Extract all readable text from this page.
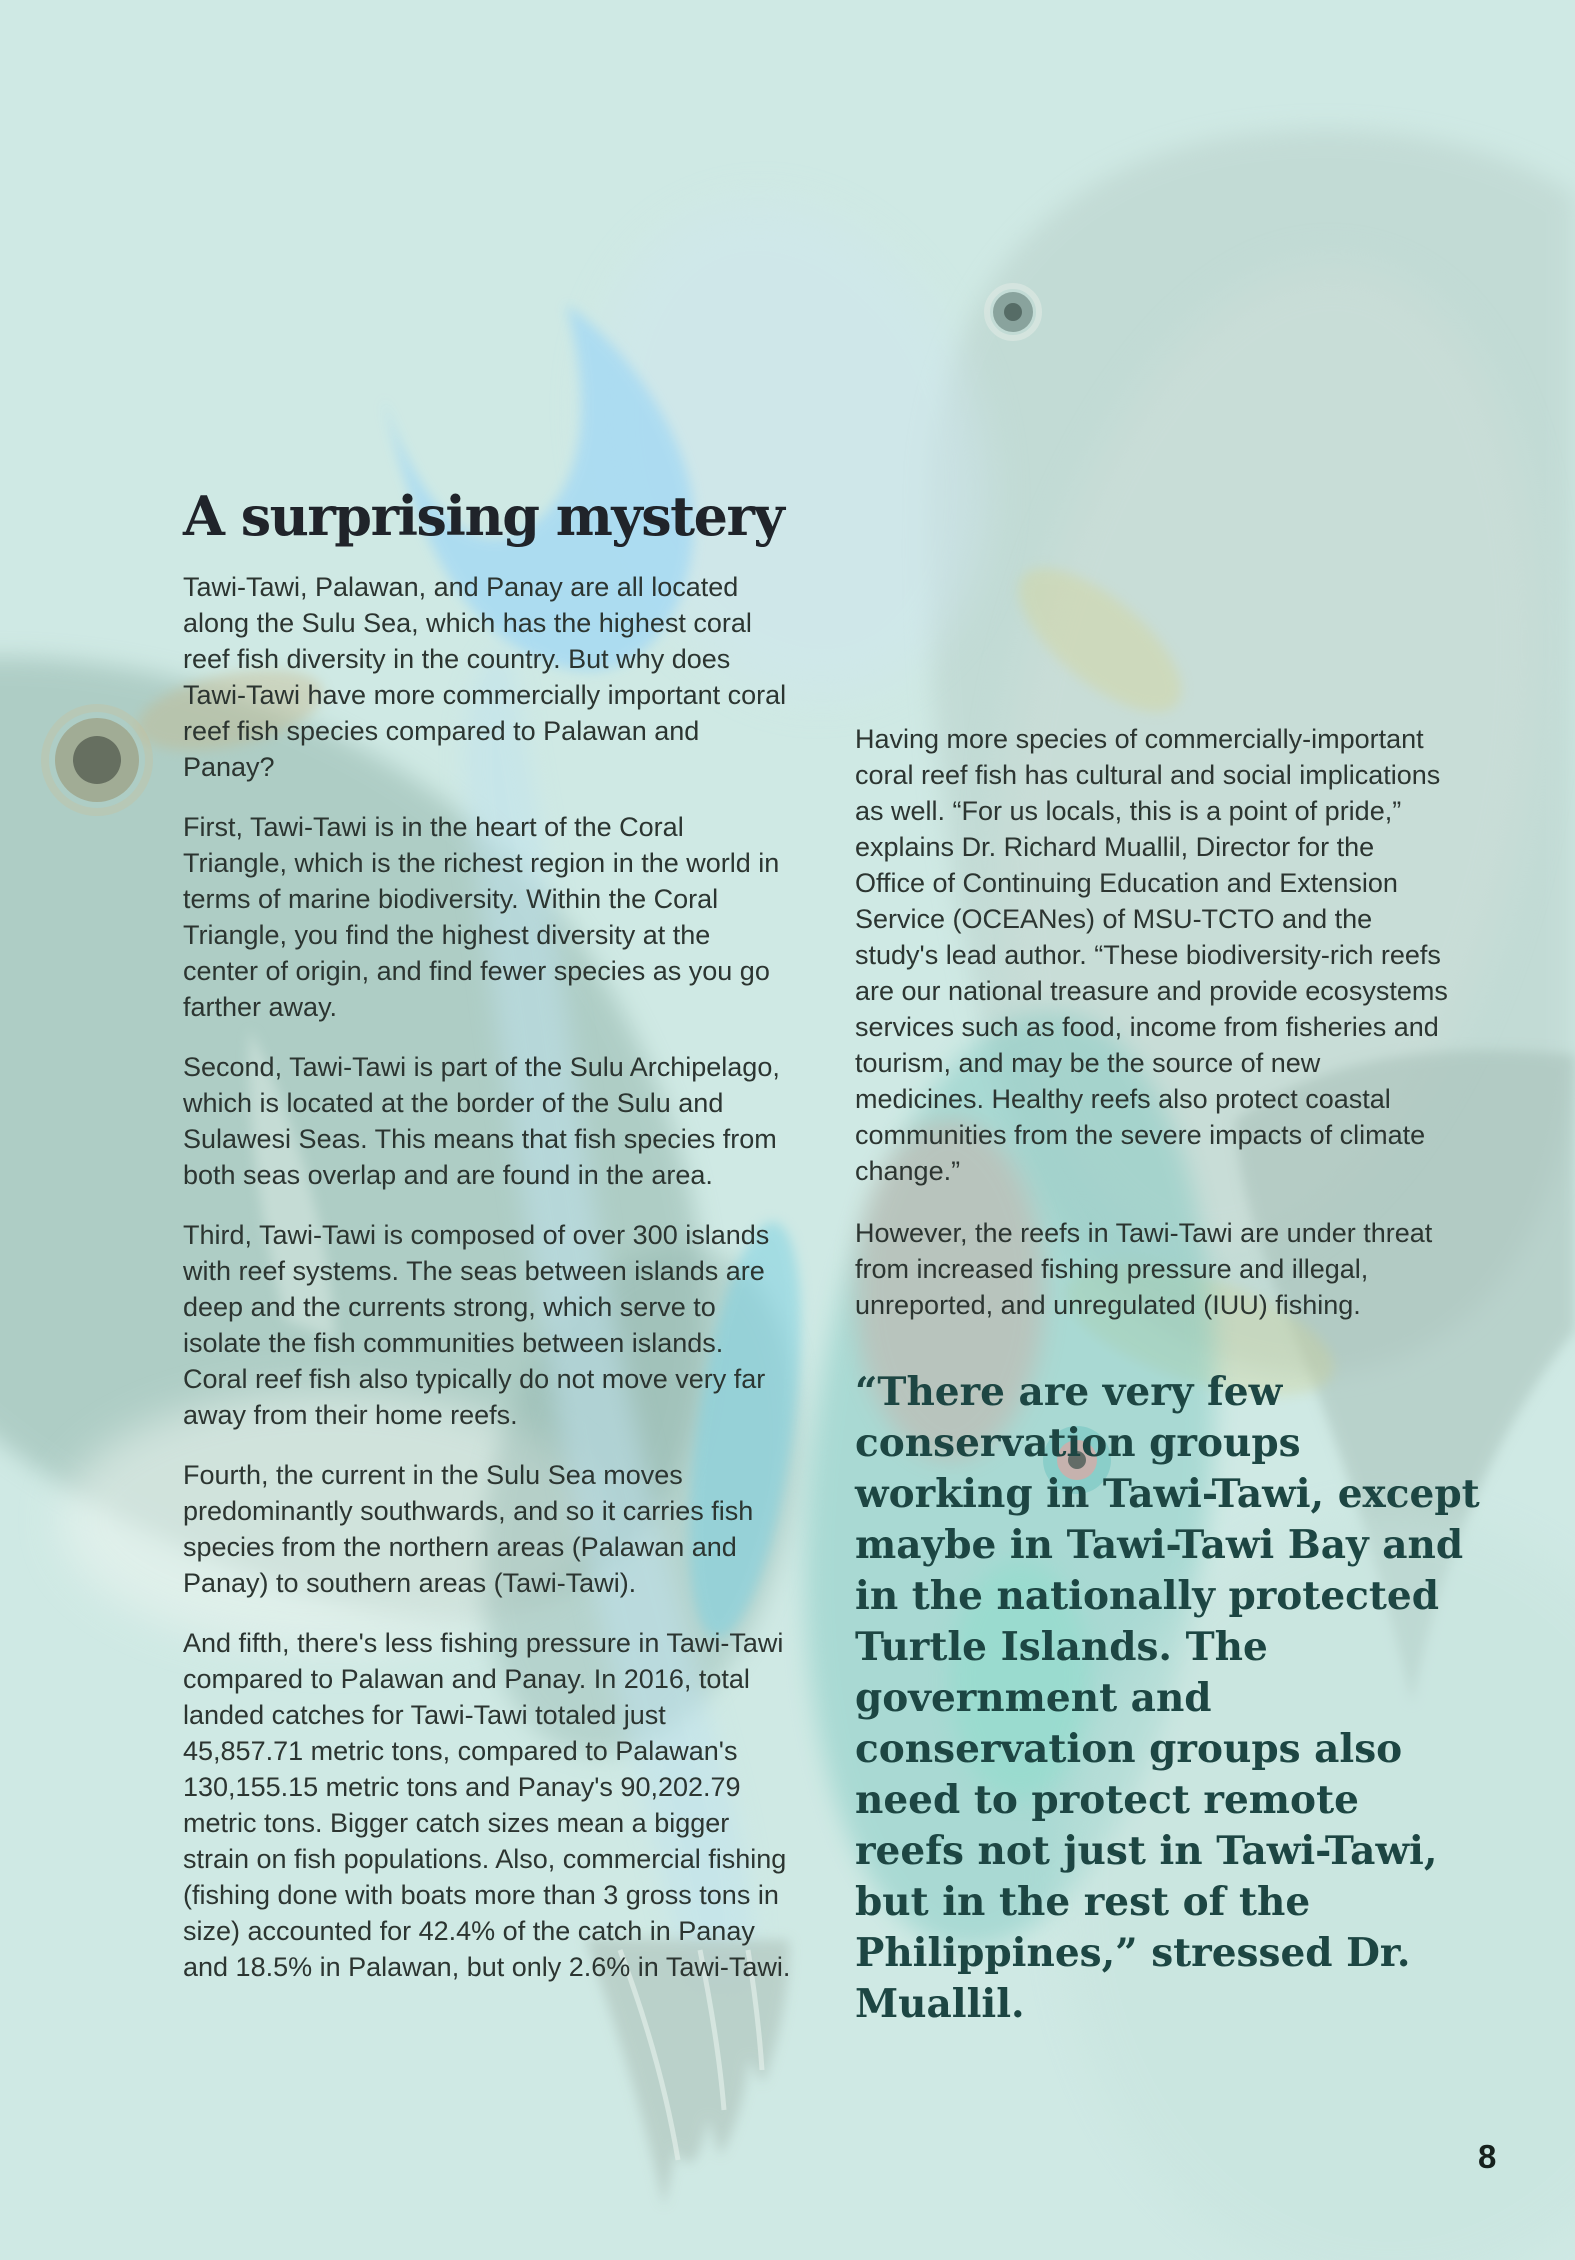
A surprising mystery

Tawi-Tawi, Palawan, and Panay are all located along the Sulu Sea, which has the highest coral reef fish diversity in the country. But why does Tawi-Tawi have more commercially important coral reef fish species compared to Palawan and Panay?

First, Tawi-Tawi is in the heart of the Coral Triangle, which is the richest region in the world in terms of marine biodiversity. Within the Coral Triangle, you find the highest diversity at the center of origin, and find fewer species as you go farther away.

Second, Tawi-Tawi is part of the Sulu Archipelago, which is located at the border of the Sulu and Sulawesi Seas. This means that fish species from both seas overlap and are found in the area.

Third, Tawi-Tawi is composed of over 300 islands with reef systems. The seas between islands are deep and the currents strong, which serve to isolate the fish communities between islands. Coral reef fish also typically do not move very far away from their home reefs.

Fourth, the current in the Sulu Sea moves predominantly southwards, and so it carries fish species from the northern areas (Palawan and Panay) to southern areas (Tawi-Tawi).

And fifth, there's less fishing pressure in Tawi-Tawi compared to Palawan and Panay. In 2016, total landed catches for Tawi-Tawi totaled just 45,857.71 metric tons, compared to Palawan's 130,155.15 metric tons and Panay's 90,202.79 metric tons. Bigger catch sizes mean a bigger strain on fish populations. Also, commercial fishing (fishing done with boats more than 3 gross tons in size) accounted for 42.4% of the catch in Panay and 18.5% in Palawan, but only 2.6% in Tawi-Tawi.

Having more species of commercially-important coral reef fish has cultural and social implications as well. “For us locals, this is a point of pride,” explains Dr. Richard Muallil, Director for the Office of Continuing Education and Extension Service (OCEANes) of MSU-TCTO and the study's lead author. “These biodiversity-rich reefs are our national treasure and provide ecosystems services such as food, income from fisheries and tourism, and may be the source of new medicines. Healthy reefs also protect coastal communities from the severe impacts of climate change.”

However, the reefs in Tawi-Tawi are under threat from increased fishing pressure and illegal, unreported, and unregulated (IUU) fishing.

“There are very few conservation groups working in Tawi-Tawi, except maybe in Tawi-Tawi Bay and in the nationally protected Turtle Islands. The government and conservation groups also need to protect remote reefs not just in Tawi-Tawi, but in the rest of the Philippines,” stressed Dr. Muallil.
8
